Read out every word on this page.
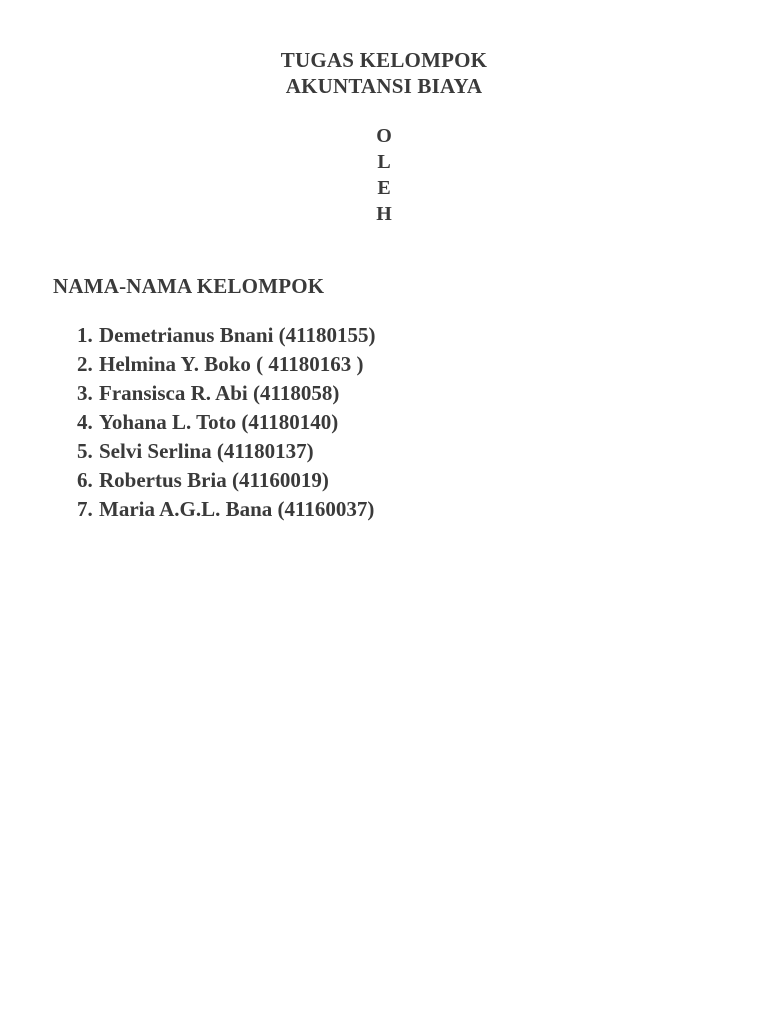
TUGAS KELOMPOK
AKUNTANSI BIAYA
O
L
E
H
NAMA-NAMA KELOMPOK
1. Demetrianus Bnani (41180155)
2. Helmina Y. Boko ( 41180163 )
3. Fransisca R. Abi (4118058)
4. Yohana L. Toto (41180140)
5. Selvi Serlina (41180137)
6. Robertus Bria (41160019)
7. Maria A.G.L. Bana (41160037)
